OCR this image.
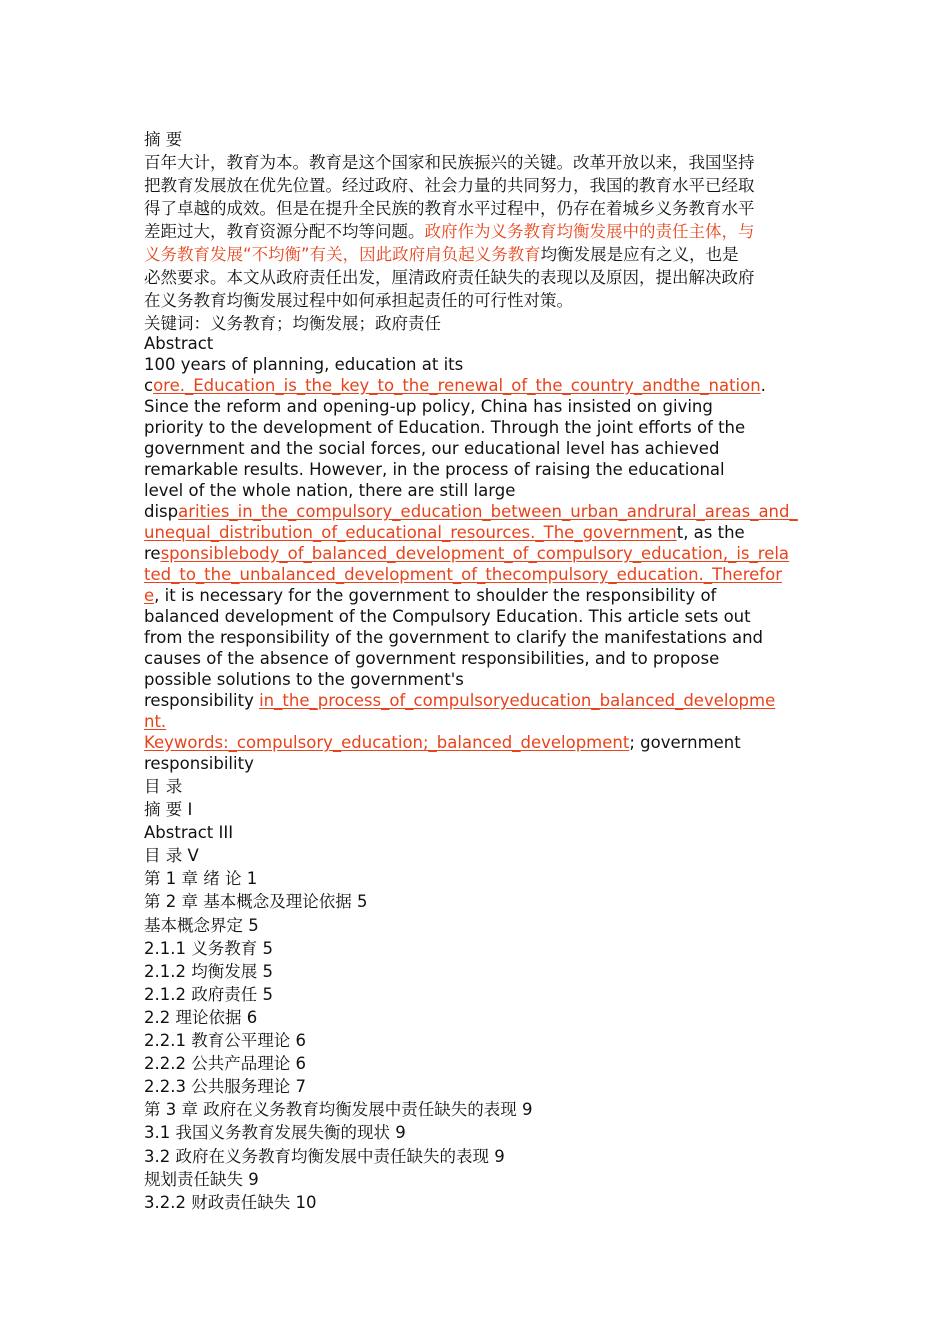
摘 要
百年大计，教育为本。教育是这个国家和民族振兴的关键。改革开放以来，我国坚持
把教育发展放在优先位置。经过政府、社会力量的共同努力，我国的教育水平已经取
得了卓越的成效。但是在提升全民族的教育水平过程中，仍存在着城乡义务教育水平
差距过大，教育资源分配不均等问题。政府作为义务教育均衡发展中的责任主体，与
义务教育发展“不均衡”有关，因此政府肩负起义务教育均衡发展是应有之义，也是
必然要求。本文从政府责任出发，厘清政府责任缺失的表现以及原因，提出解决政府
在义务教育均衡发展过程中如何承担起责任的可行性对策。
关键词：义务教育；均衡发展；政府责任
Abstract
100 years of planning, education at its
core._Education_is_the_key_to_the_renewal_of_the_country_andthe_nation.
Since the reform and opening-up policy, China has insisted on giving
priority to the development of Education. Through the joint efforts of the
government and the social forces, our educational level has achieved
remarkable results. However, in the process of raising the educational
level of the whole nation, there are still large
disparities_in_the_compulsory_education_between_urban_andrural_areas_and_
unequal_distribution_of_educational_resources._The_government, as the
responsiblebody_of_balanced_development_of_compulsory_education,_is_rela
ted_to_the_unbalanced_development_of_thecompulsory_education._Therefor
e, it is necessary for the government to shoulder the responsibility of
balanced development of the Compulsory Education. This article sets out
from the responsibility of the government to clarify the manifestations and
causes of the absence of government responsibilities, and to propose
possible solutions to the government's
responsibility in_the_process_of_compulsoryeducation_balanced_developme
nt.
Keywords:_compulsory_education;_balanced_development; government
responsibility
目 录
摘 要 I
Abstract III
目 录 V
第 1 章 绪 论 1
第 2 章 基本概念及理论依据 5
基本概念界定 5
2.1.1 义务教育 5
2.1.2 均衡发展 5
2.1.2 政府责任 5
2.2 理论依据 6
2.2.1 教育公平理论 6
2.2.2 公共产品理论 6
2.2.3 公共服务理论 7
第 3 章 政府在义务教育均衡发展中责任缺失的表现 9
3.1 我国义务教育发展失衡的现状 9
3.2 政府在义务教育均衡发展中责任缺失的表现 9
规划责任缺失 9
3.2.2 财政责任缺失 10
